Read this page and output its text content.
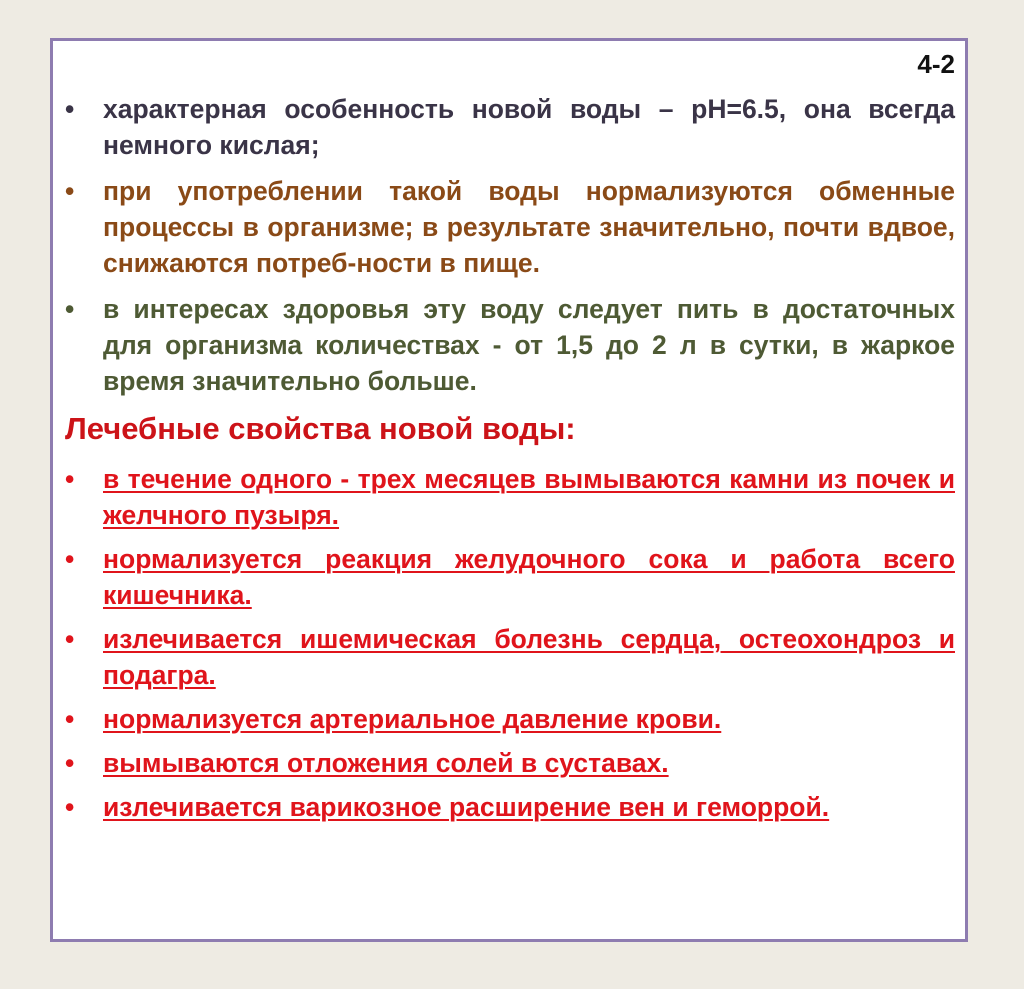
4-2
•	характерная особенность новой воды – рН=6.5, она всегда немного кислая;
•	при употреблении такой воды нормализуются обменные процессы в организме; в результате значительно, почти вдвое, снижаются потреб-ности в пище.
•	в интересах здоровья эту воду следует пить в достаточных для организма количествах - от 1,5 до 2 л в сутки, в жаркое время значительно больше.
Лечебные свойства новой воды:
•	в течение одного - трех месяцев вымываются камни из почек и желчного пузыря.
•	нормализуется реакция желудочного сока и работа всего кишечника.
•	излечивается ишемическая болезнь сердца, остеохондроз и подагра.
•	нормализуется артериальное давление крови.
•	вымываются отложения солей в суставах.
•	излечивается варикозное расширение вен и геморрой.
